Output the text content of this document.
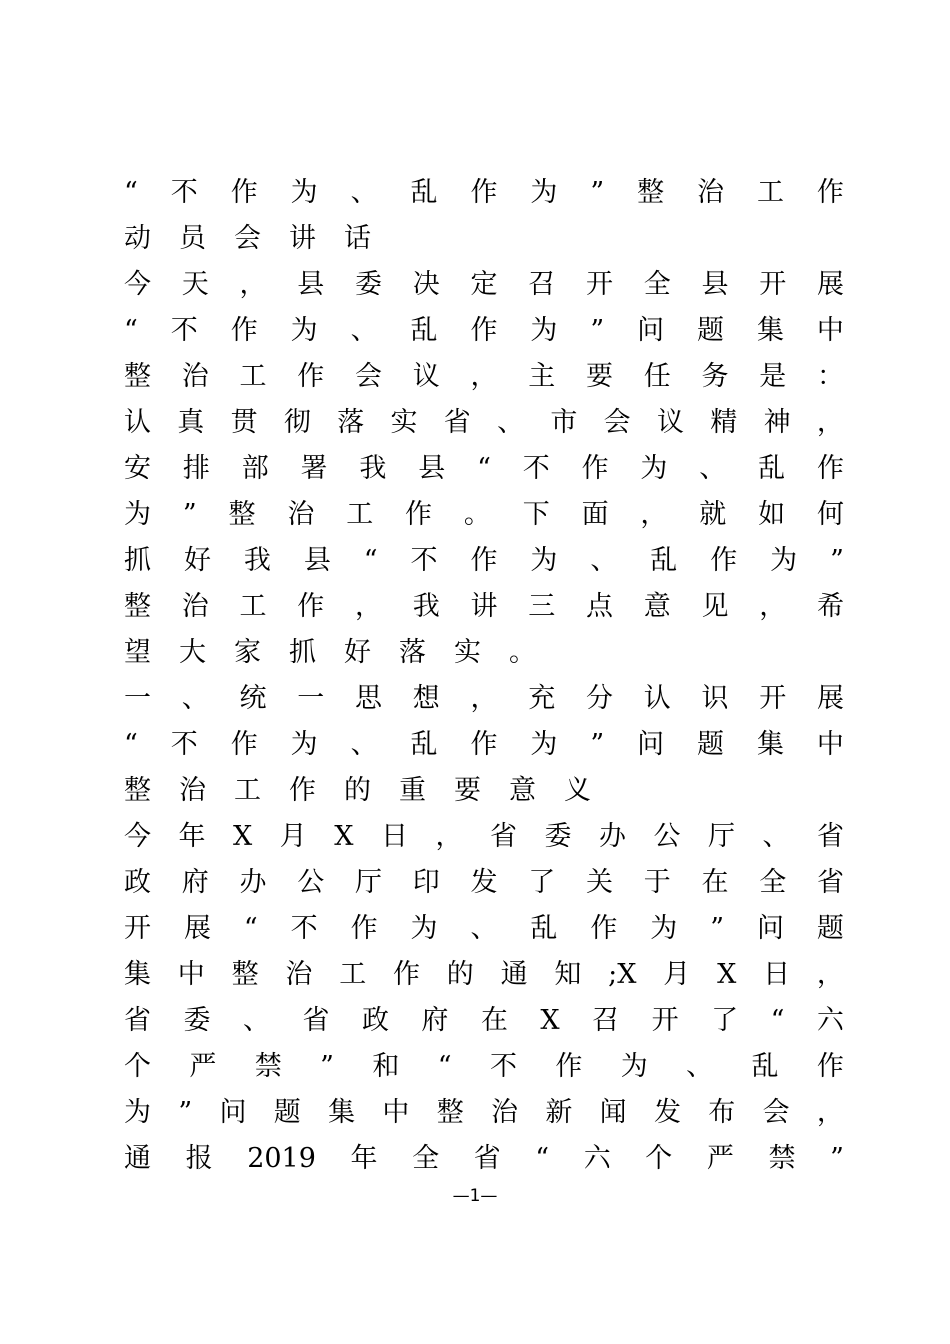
“ 不 作 为 、 乱 作 为 ” 整 治 工 作
动 员 会 讲 话
今 天 ， 县 委 决 定 召 开 全 县 开 展
“ 不 作 为 、 乱 作 为 ” 问 题 集 中
整 治 工 作 会 议 ， 主 要 任 务 是 ：
认 真 贯 彻 落 实 省 、 市 会 议 精 神 ，
安 排 部 署 我 县 “ 不 作 为 、 乱 作
为 ” 整 治 工 作 。 下 面 ， 就 如 何
抓 好 我 县 “ 不 作 为 、 乱 作 为 ”
整 治 工 作 ， 我 讲 三 点 意 见 ， 希
望 大 家 抓 好 落 实 。
一 、 统 一 思 想 ， 充 分 认 识 开 展
“ 不 作 为 、 乱 作 为 ” 问 题 集 中
整 治 工 作 的 重 要 意 义
今 年 X 月 X 日 ， 省 委 办 公 厅 、 省
政 府 办 公 厅 印 发 了 关 于 在 全 省
开 展 “ 不 作 为 、 乱 作 为 ” 问 题
集 中 整 治 工 作 的 通 知 ;X 月 X 日 ，
省 委 、 省 政 府 在 X 召 开 了 “ 六
个 严 禁 ” 和 “ 不 作 为 、 乱 作
为 ” 问 题 集 中 整 治 新 闻 发 布 会 ，
通 报 2019 年 全 省 “ 六 个 严 禁 ”
—1—
